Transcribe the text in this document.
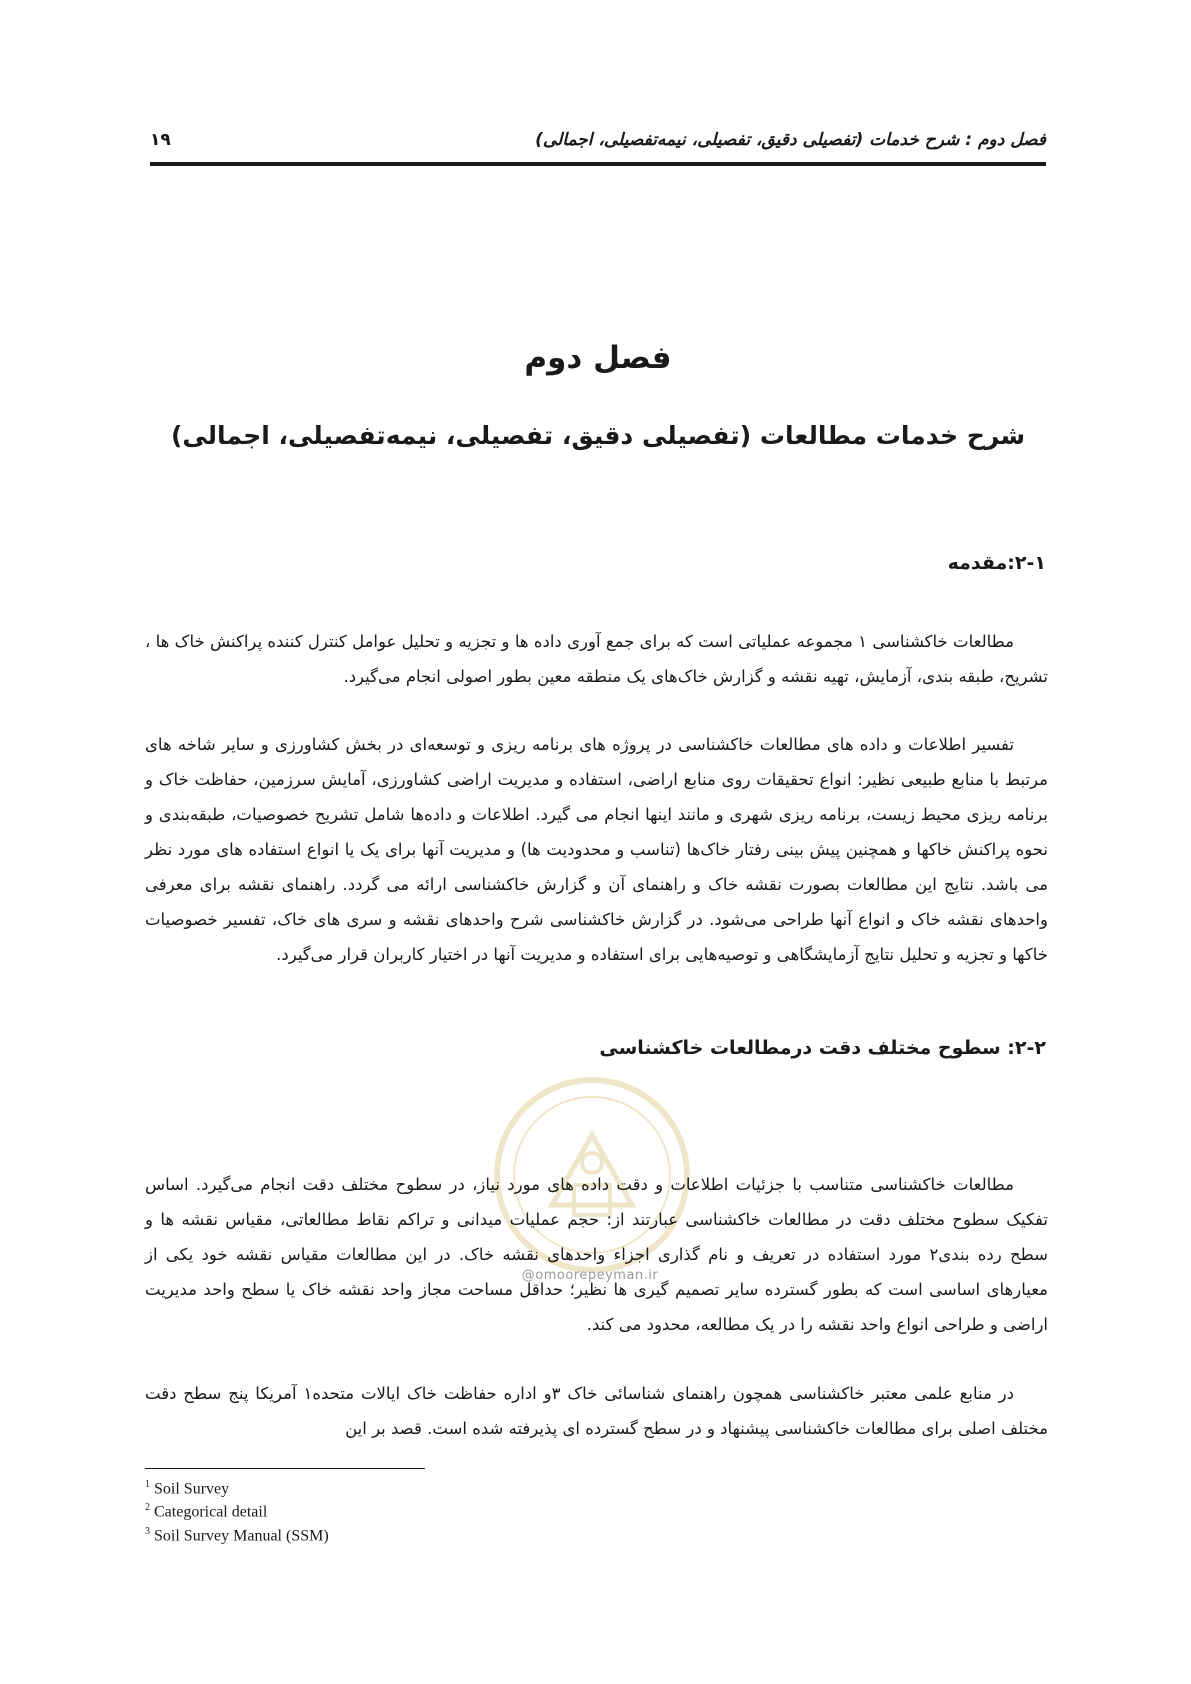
۱۹	فصل دوم : شرح خدمات (تفصیلی دقیق، تفصیلی، نیمه‌تفصیلی، اجمالی)
فصل دوم
شرح خدمات مطالعات (تفصیلی دقیق، تفصیلی، نیمه‌تفصیلی، اجمالی)
۲-۱:مقدمه
مطالعات خاکشناسی ۱ مجموعه عملیاتی است که برای جمع آوری داده ها و تجزیه و تحلیل عوامل کنترل کننده پراکنش خاک ها ، تشریح، طبقه بندی، آزمایش، تهیه نقشه و گزارش خاک‌های یک منطقه معین بطور اصولی انجام می‌گیرد.
تفسیر اطلاعات و داده های مطالعات خاکشناسی در پروژه های برنامه ریزی و توسعه‌ای در بخش کشاورزی و سایر شاخه های مرتبط با منابع طبیعی نظیر: انواع تحقیقات روی منابع اراضی، استفاده و مدیریت اراضی کشاورزی، آمایش سرزمین، حفاظت خاک و برنامه ریزی محیط زیست، برنامه ریزی شهری و مانند اینها انجام می گیرد. اطلاعات و داده‌ها شامل تشریح خصوصیات، طبقه‌بندی و نحوه پراکنش خاکها و همچنین پیش بینی رفتار خاک‌ها (تناسب و محدودیت ها) و مدیریت آنها برای یک یا انواع استفاده های مورد نظر می باشد. نتایج این مطالعات بصورت نقشه خاک و راهنمای آن و گزارش خاکشناسی ارائه می گردد. راهنمای نقشه برای معرفی واحدهای نقشه خاک و انواع آنها طراحی می‌شود. در گزارش خاکشناسی شرح واحدهای نقشه و سری های خاک، تفسیر خصوصیات خاکها و تجزیه و تحلیل نتایج آزمایشگاهی و توصیه‌هایی برای استفاده و مدیریت آنها در اختیار کاربران قرار می‌گیرد.
۲-۲: سطوح مختلف دقت درمطالعات خاکشناسی
@omoorepeyman.ir
مطالعات خاکشناسی متناسب با جزئیات اطلاعات و دقت داده های مورد نیاز، در سطوح مختلف دقت انجام می‌گیرد. اساس تفکیک سطوح مختلف دقت در مطالعات خاکشناسی عبارتند از: حجم عملیات میدانی و تراکم نقاط مطالعاتی، مقیاس نقشه ها و سطح رده بندی۲ مورد استفاده در تعریف و نام گذاری اجزاء واحدهای نقشه خاک. در این مطالعات مقیاس نقشه خود یکی از معیارهای اساسی است که بطور گسترده سایر تصمیم گیری ها نظیر؛ حداقل مساحت مجاز واحد نقشه خاک یا سطح واحد مدیریت اراضی و طراحی انواع واحد نقشه را در یک مطالعه، محدود می کند.
در منابع علمی معتبر خاکشناسی همچون راهنمای شناسائی خاک ۳و اداره حفاظت خاک ایالات متحده۱ آمریکا پنج سطح دقت مختلف اصلی برای مطالعات خاکشناسی پیشنهاد و در سطح گسترده ای پذیرفته شده است. قصد بر این
$^1$ Soil Survey
$^2$ Categorical detail
$^3$ Soil Survey Manual (SSM)
